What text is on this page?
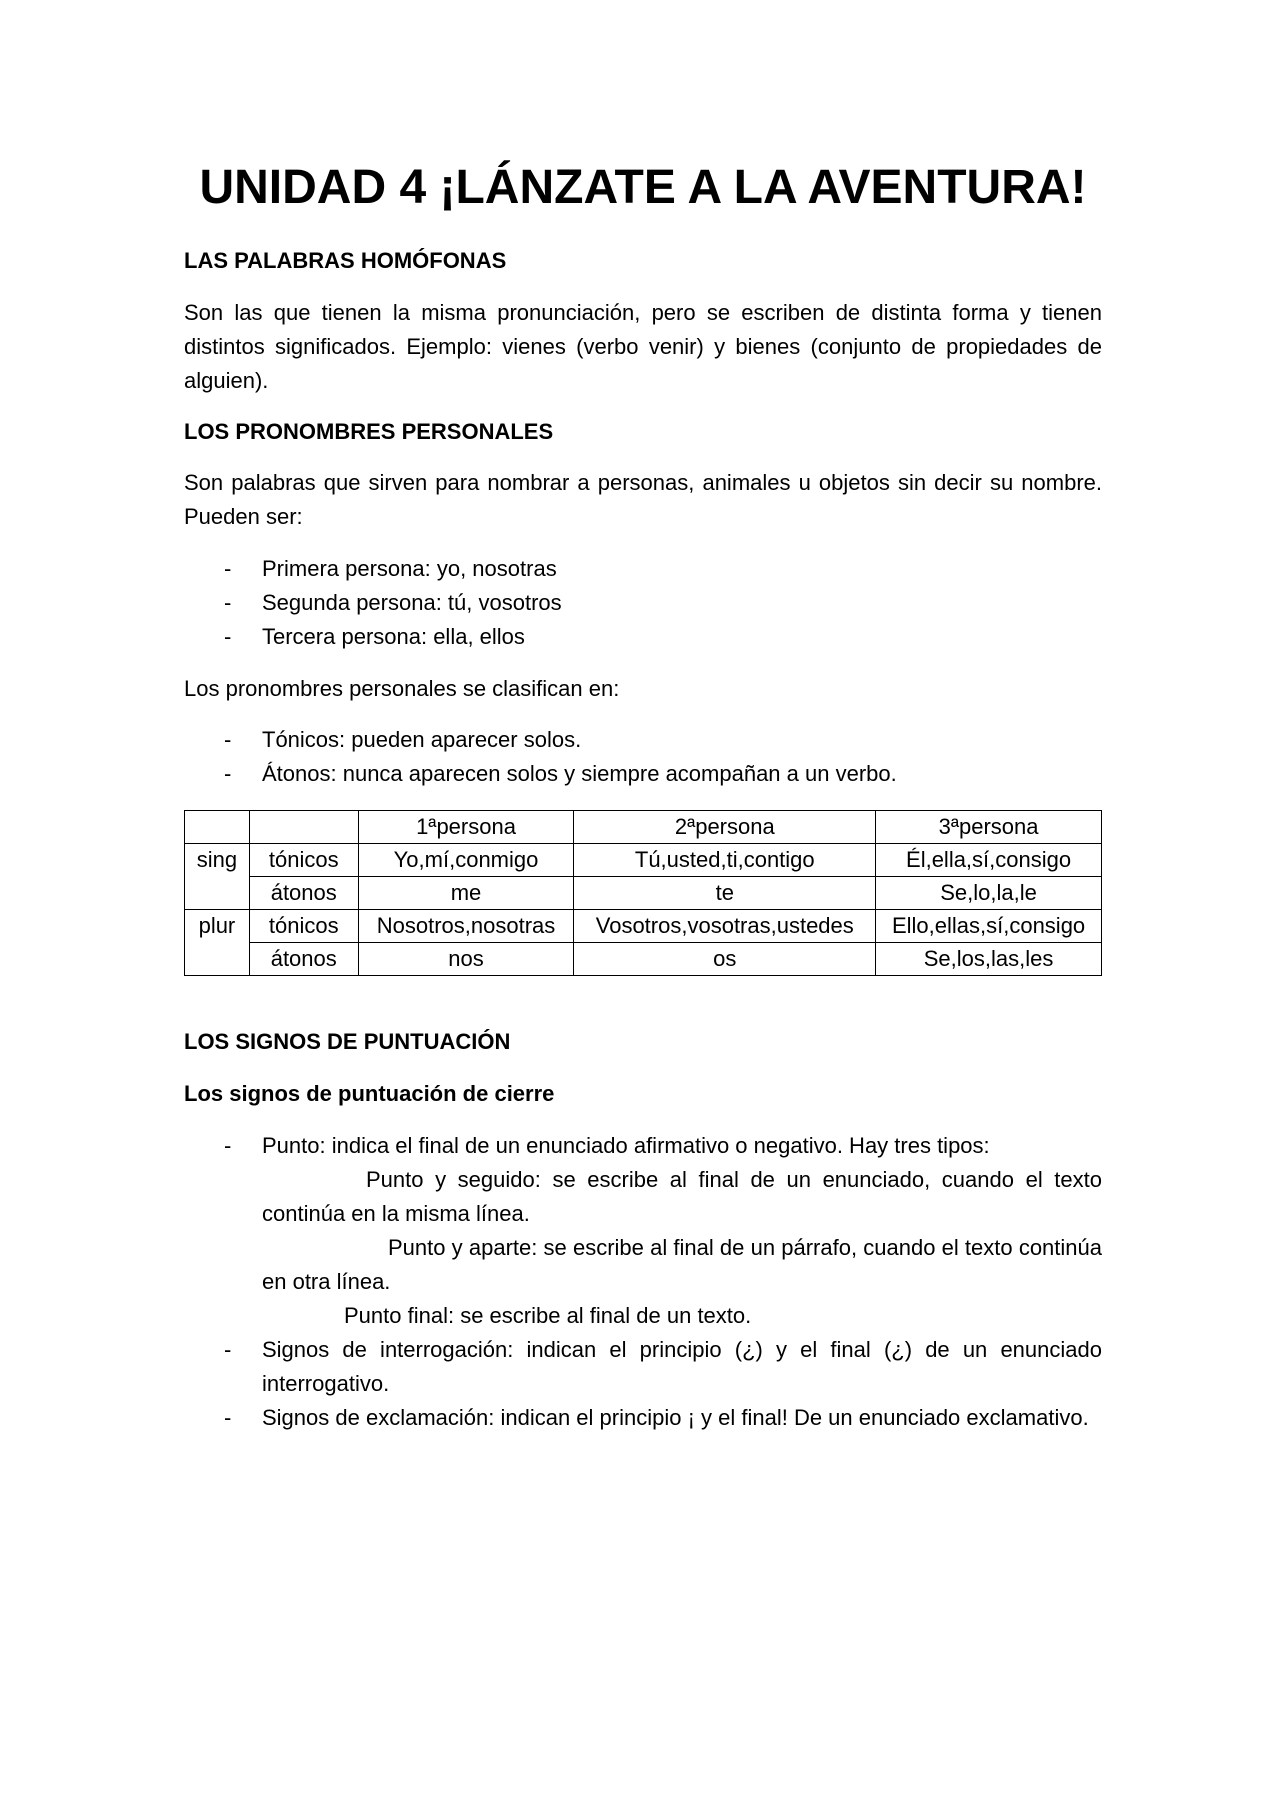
UNIDAD 4 ¡LÁNZATE A LA AVENTURA!
LAS PALABRAS HOMÓFONAS

Son las que tienen la misma pronunciación, pero se escriben de distinta forma y tienen distintos significados. Ejemplo: vienes (verbo venir) y bienes (conjunto de propiedades de alguien).

LOS PRONOMBRES PERSONALES

Son palabras que sirven para nombrar a personas, animales u objetos sin decir su nombre. Pueden ser:

- Primera persona: yo, nosotras
- Segunda persona: tú, vosotros
- Tercera persona: ella, ellos

Los pronombres personales se clasifican en:

- Tónicos: pueden aparecer solos.
- Átonos: nunca aparecen solos y siempre acompañan a un verbo.
		1ªpersona	2ªpersona	3ªpersona
sing	tónicos	Yo,mí,conmigo	Tú,usted,ti,contigo	Él,ella,sí,consigo
	átonos	me	te	Se,lo,la,le
plur	tónicos	Nosotros,nosotras	Vosotros,vosotras,ustedes	Ello,ellas,sí,consigo
	átonos	nos	os	Se,los,las,les
LOS SIGNOS DE PUNTUACIÓN
Los signos de puntuación de cierre
- Punto: indica el final de un enunciado afirmativo o negativo. Hay tres tipos:
Punto y seguido: se escribe al final de un enunciado, cuando el texto continúa en la misma línea.
Punto y aparte: se escribe al final de un párrafo, cuando el texto continúa en otra línea.
Punto final: se escribe al final de un texto.
- Signos de interrogación: indican el principio (¿) y el final (¿) de un enunciado interrogativo.
- Signos de exclamación: indican el principio ¡ y el final! De un enunciado exclamativo.
